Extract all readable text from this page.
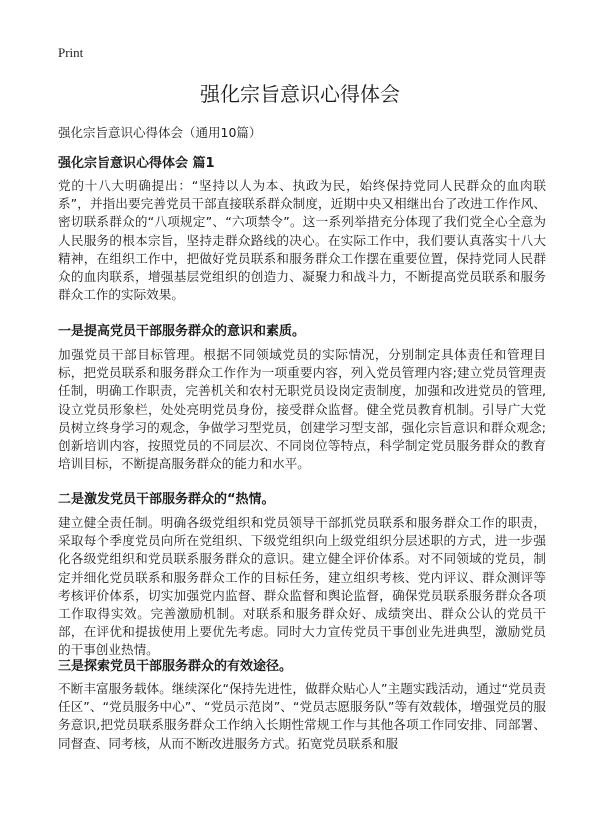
Print
强化宗旨意识心得体会
强化宗旨意识心得体会（通用10篇）
强化宗旨意识心得体会 篇1

党的十八大明确提出：“坚持以人为本、执政为民，始终保持党同人民群众的血肉联系”，并指出要完善党员干部直接联系群众制度，近期中央又相继出台了改进工作作风、密切联系群众的“八项规定”、“六项禁令”。这一系列举措充分体现了我们党全心全意为人民服务的根本宗旨，坚持走群众路线的决心。在实际工作中，我们要认真落实十八大精神，在组织工作中，把做好党员联系和服务群众工作摆在重要位置，保持党同人民群众的血肉联系，增强基层党组织的创造力、凝聚力和战斗力，不断提高党员联系和服务群众工作的实际效果。

一是提高党员干部服务群众的意识和素质。

加强党员干部目标管理。根据不同领域党员的实际情况，分别制定具体责任和管理目标，把党员联系和服务群众工作作为一项重要内容，列入党员管理内容;建立党员管理责任制，明确工作职责，完善机关和农村无职党员设岗定责制度，加强和改进党员的管理,设立党员形象栏，处处亮明党员身份，接受群众监督。健全党员教育机制。引导广大党员树立终身学习的观念，争做学习型党员，创建学习型支部，强化宗旨意识和群众观念;创新培训内容，按照党员的不同层次、不同岗位等特点，科学制定党员服务群众的教育培训目标，不断提高服务群众的能力和水平。

二是激发党员干部服务群众的“热情。

建立健全责任制。明确各级党组织和党员领导干部抓党员联系和服务群众工作的职责，采取每个季度党员向所在党组织、下级党组织向上级党组织分层述职的方式，进一步强化各级党组织和党员联系服务群众的意识。建立健全评价体系。对不同领域的党员，制定并细化党员联系和服务群众工作的目标任务，建立组织考核、党内评议、群众测评等考核评价体系，切实加强党内监督、群众监督和舆论监督，确保党员联系服务群众各项工作取得实效。完善激励机制。对联系和服务群众好、成绩突出、群众公认的党员干部，在评优和提拔使用上要优先考虑。同时大力宣传党员干事创业先进典型，激励党员的干事创业热情。

三是探索党员干部服务群众的有效途径。

不断丰富服务载体。继续深化“保持先进性，做群众贴心人”主题实践活动，通过“党员责任区”、“党员服务中心”、“党员示范岗”、“党员志愿服务队”等有效载体，增强党员的服务意识,把党员联系服务群众工作纳入长期性常规工作与其他各项工作同安排、同部署、同督查、同考核，从而不断改进服务方式。拓宽党员联系和服
